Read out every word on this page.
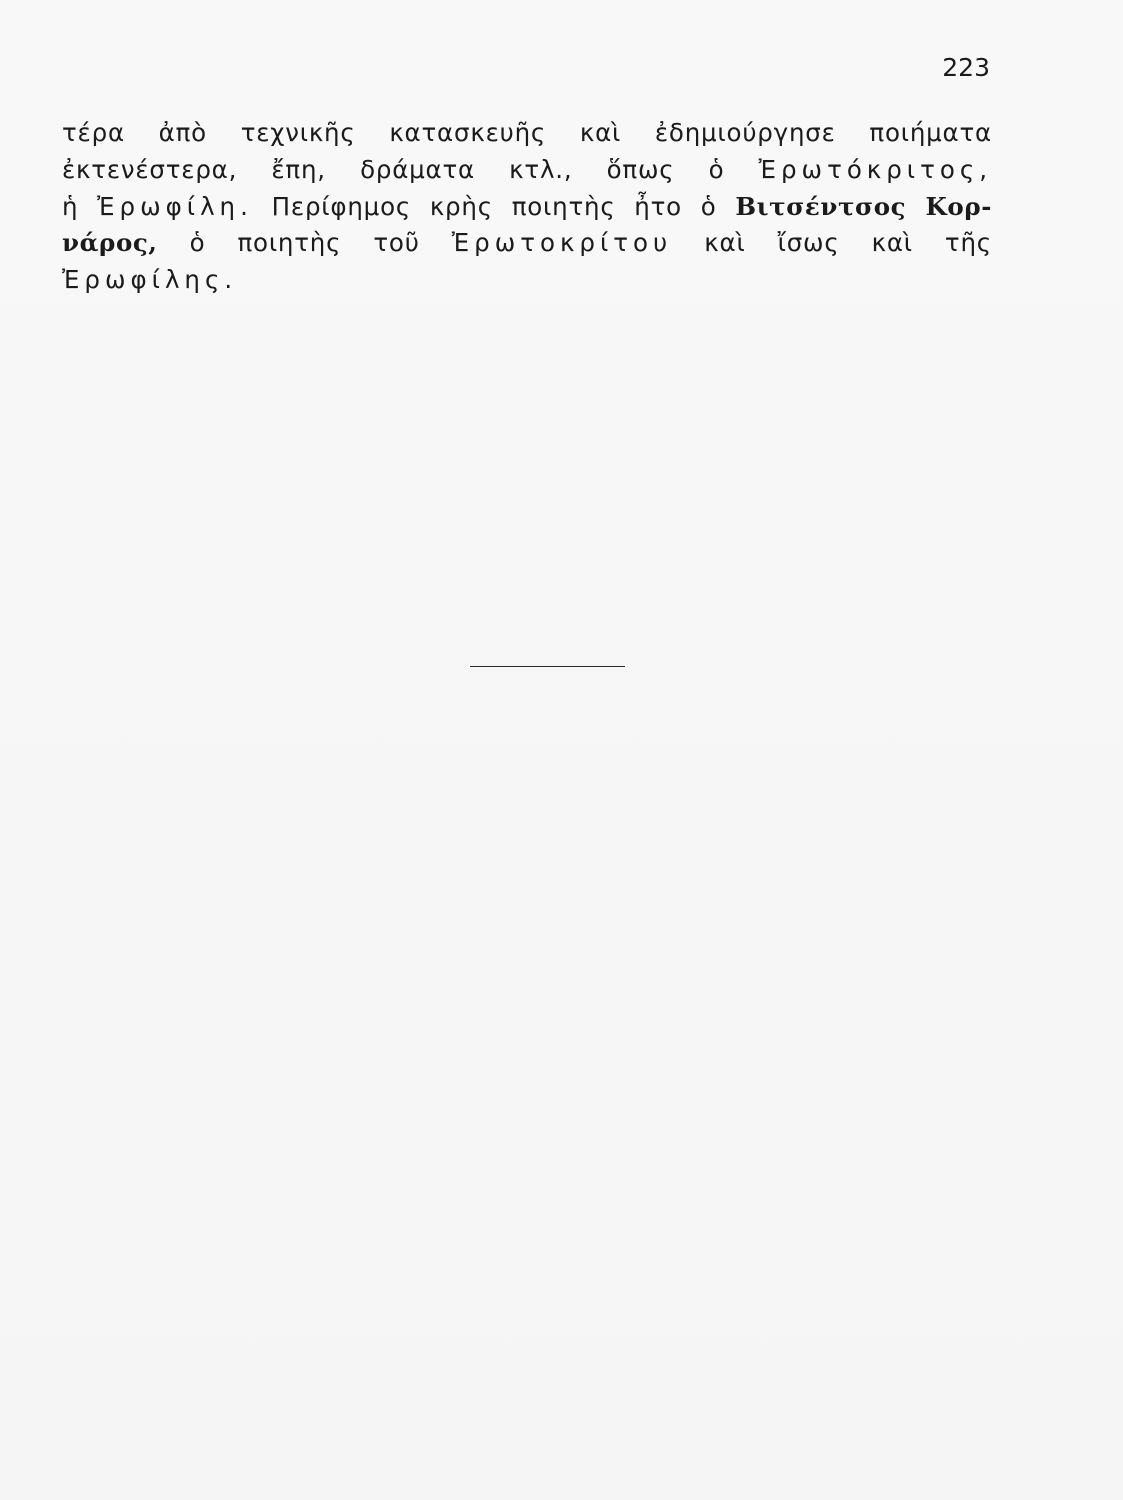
223
τέρα ἀπὸ τεχνικῆς κατασκευῆς καὶ ἐδημιούργησε ποιήματα
ἐκτενέστερα, ἔπη, δράματα κτλ., ὅπως ὁ Ἐρωτόκριτος,
ἡ Ἐρωφίλη. Περίφημος κρὴς ποιητὴς ἦτο ὁ Βιτσέντσος Κορ-
νάρος, ὁ ποιητὴς τοῦ Ἐρωτοκρίτου καὶ ἴσως καὶ τῆς
Ἐρωφίλης.
